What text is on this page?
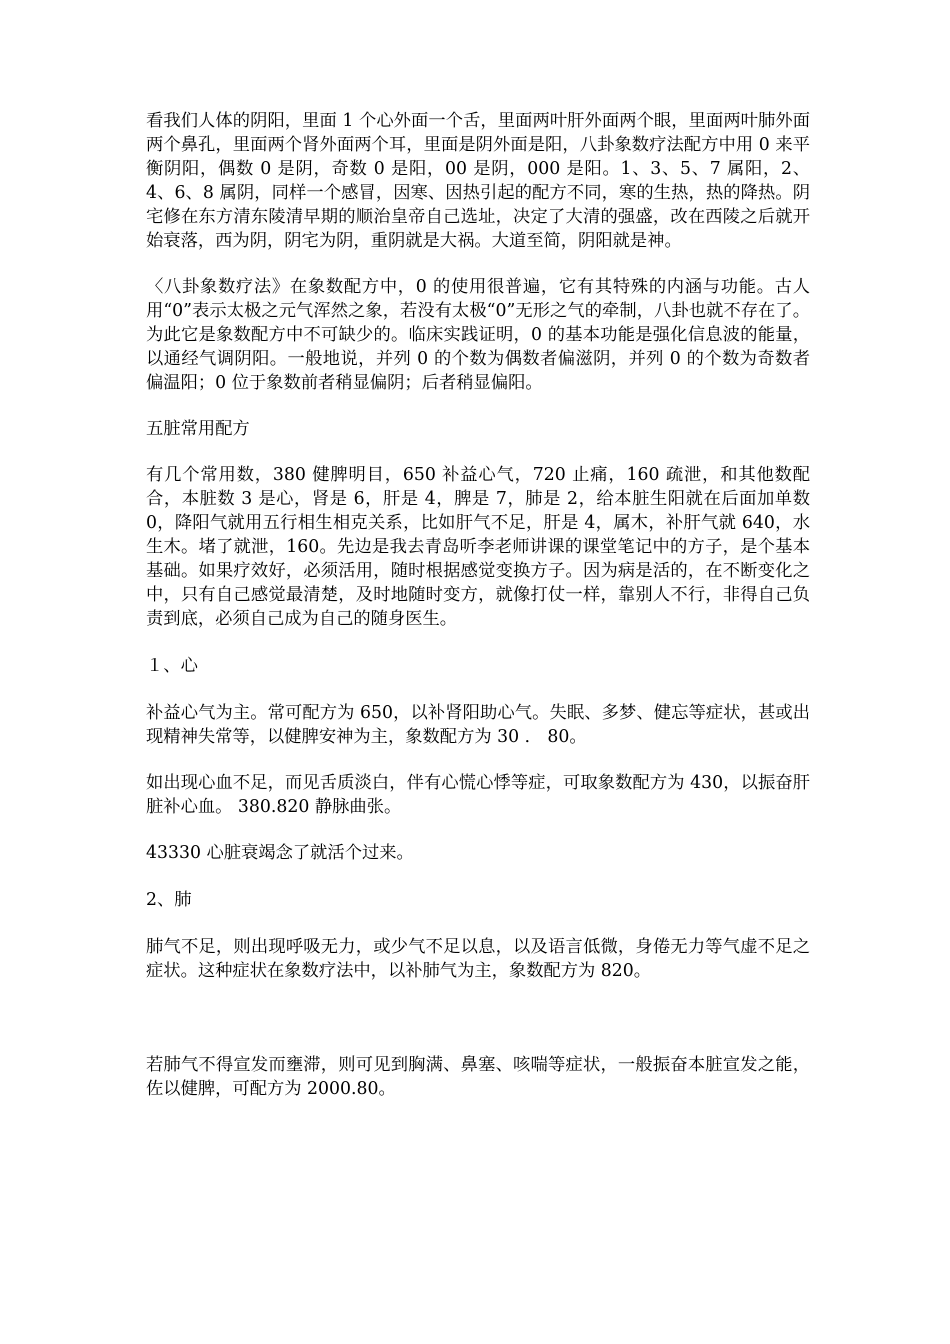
看我们人体的阴阳，里面 1 个心外面一个舌，里面两叶肝外面两个眼，里面两叶肺外面两个鼻孔，里面两个肾外面两个耳，里面是阴外面是阳，八卦象数疗法配方中用 0 来平衡阴阳，偶数 0 是阴，奇数 0 是阳，00 是阴，000 是阳。1、3、5、7 属阳，2、4、6、8 属阴，同样一个感冒，因寒、因热引起的配方不同，寒的生热，热的降热。阴宅修在东方清东陵清早期的顺治皇帝自己选址，决定了大清的强盛，改在西陵之后就开始衰落，西为阴，阴宅为阴，重阴就是大祸。大道至简，阴阳就是神。

〈八卦象数疗法》在象数配方中，0 的使用很普遍，它有其特殊的内涵与功能。古人用“0”表示太极之元气浑然之象，若没有太极“0”无形之气的牵制，八卦也就不存在了。为此它是象数配方中不可缺少的。临床实践证明，0 的基本功能是强化信息波的能量，以通经气调阴阳。一般地说，并列 0 的个数为偶数者偏滋阴，并列 0 的个数为奇数者偏温阳；0 位于象数前者稍显偏阴；后者稍显偏阳。

五脏常用配方

有几个常用数，380 健脾明目，650 补益心气，720 止痛，160 疏泄，和其他数配合，本脏数 3 是心，肾是 6，肝是 4，脾是 7，肺是 2，给本脏生阳就在后面加单数 0，降阳气就用五行相生相克关系，比如肝气不足，肝是 4，属木，补肝气就 640，水生木。堵了就泄，160。先边是我去青岛听李老师讲课的课堂笔记中的方子，是个基本基础。如果疗效好，必须活用，随时根据感觉变换方子。因为病是活的，在不断变化之中，只有自己感觉最清楚，及时地随时变方，就像打仗一样，靠别人不行，非得自己负责到底，必须自己成为自己的随身医生。

１、心

补益心气为主。常可配方为 650，以补肾阳助心气。失眠、多梦、健忘等症状，甚或出现精神失常等，以健脾安神为主，象数配方为 30 ． 80。

如出现心血不足，而见舌质淡白，伴有心慌心悸等症，可取象数配方为 430，以振奋肝脏补心血。 380.820 静脉曲张。

43330 心脏衰竭念了就活个过来。

2、肺

肺气不足，则出现呼吸无力，或少气不足以息，以及语言低微，身倦无力等气虚不足之症状。这种症状在象数疗法中，以补肺气为主，象数配方为 820。

若肺气不得宣发而壅滞，则可见到胸满、鼻塞、咳喘等症状，一般振奋本脏宣发之能，佐以健脾，可配方为 2000.80。
